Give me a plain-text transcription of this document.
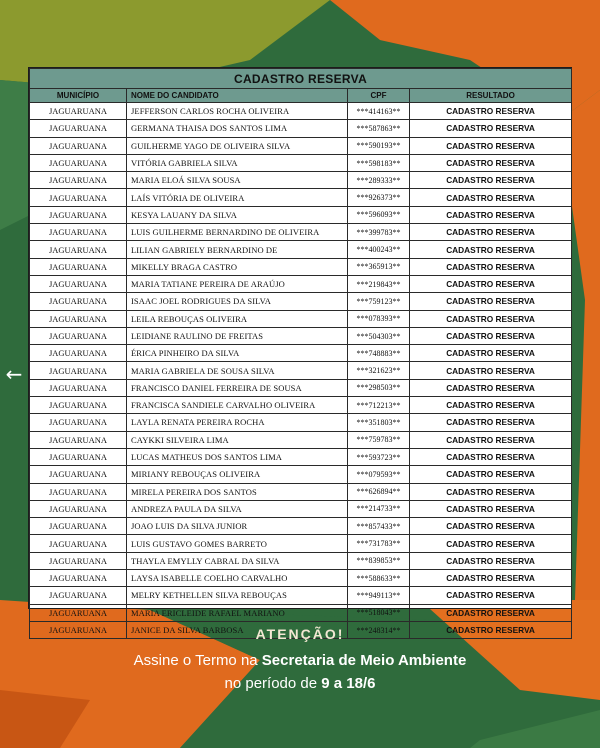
←
CADASTRO RESERVA			
MUNICÍPIO	NOME DO CANDIDATO	CPF	RESULTADO
JAGUARUANA	JEFFERSON CARLOS ROCHA OLIVEIRA	***414163**	CADASTRO RESERVA
JAGUARUANA	GERMANA THAISA DOS SANTOS LIMA	***587863**	CADASTRO RESERVA
JAGUARUANA	GUILHERME YAGO DE OLIVEIRA SILVA	***590193**	CADASTRO RESERVA
JAGUARUANA	VITÓRIA GABRIELA SILVA	***598183**	CADASTRO RESERVA
JAGUARUANA	MARIA ELOÁ SILVA SOUSA	***289333**	CADASTRO RESERVA
JAGUARUANA	LAÍS VITÓRIA DE OLIVEIRA	***926373**	CADASTRO RESERVA
JAGUARUANA	KESYA LAUANY DA SILVA	***596093**	CADASTRO RESERVA
JAGUARUANA	LUIS GUILHERME BERNARDINO DE OLIVEIRA	***399783**	CADASTRO RESERVA
JAGUARUANA	LILIAN GABRIELY BERNARDINO DE	***400243**	CADASTRO RESERVA
JAGUARUANA	MIKELLY BRAGA CASTRO	***365913**	CADASTRO RESERVA
JAGUARUANA	MARIA TATIANE PEREIRA DE ARAÚJO	***219843**	CADASTRO RESERVA
JAGUARUANA	ISAAC JOEL RODRIGUES DA SILVA	***759123**	CADASTRO RESERVA
JAGUARUANA	LEILA REBOUÇAS OLIVEIRA	***078393**	CADASTRO RESERVA
JAGUARUANA	LEIDIANE RAULINO DE FREITAS	***504303**	CADASTRO RESERVA
JAGUARUANA	ÉRICA PINHEIRO DA SILVA	***748883**	CADASTRO RESERVA
JAGUARUANA	MARIA GABRIELA DE SOUSA SILVA	***321623**	CADASTRO RESERVA
JAGUARUANA	FRANCISCO DANIEL FERREIRA DE SOUSA	***298503**	CADASTRO RESERVA
JAGUARUANA	FRANCISCA SANDIELE CARVALHO OLIVEIRA	***712213**	CADASTRO RESERVA
JAGUARUANA	LAYLA RENATA PEREIRA ROCHA	***351803**	CADASTRO RESERVA
JAGUARUANA	CAYKKI SILVEIRA LIMA	***759783**	CADASTRO RESERVA
JAGUARUANA	LUCAS MATHEUS DOS SANTOS LIMA	***593723**	CADASTRO RESERVA
JAGUARUANA	MIRIANY REBOUÇAS OLIVEIRA	***079593**	CADASTRO RESERVA
JAGUARUANA	MIRELA PEREIRA DOS SANTOS	***626894**	CADASTRO RESERVA
JAGUARUANA	ANDREZA PAULA DA SILVA	***214733**	CADASTRO RESERVA
JAGUARUANA	JOAO LUIS DA SILVA JUNIOR	***857433**	CADASTRO RESERVA
JAGUARUANA	LUIS GUSTAVO GOMES BARRETO	***731783**	CADASTRO RESERVA
JAGUARUANA	THAYLA EMYLLY CABRAL DA SILVA	***839853**	CADASTRO RESERVA
JAGUARUANA	LAYSA ISABELLE COELHO CARVALHO	***588633**	CADASTRO RESERVA
JAGUARUANA	MELRY KETHELLEN SILVA REBOUÇAS	***949113**	CADASTRO RESERVA
JAGUARUANA	MARIA ERICLEIDE RAFAEL MARIANO	***518043**	CADASTRO RESERVA
JAGUARUANA	JANICE DA SILVA BARBOSA	***248314**	CADASTRO RESERVA
ATENÇÃO!
Assine o Termo na Secretaria de Meio Ambiente
no período de 9 a 18/6
